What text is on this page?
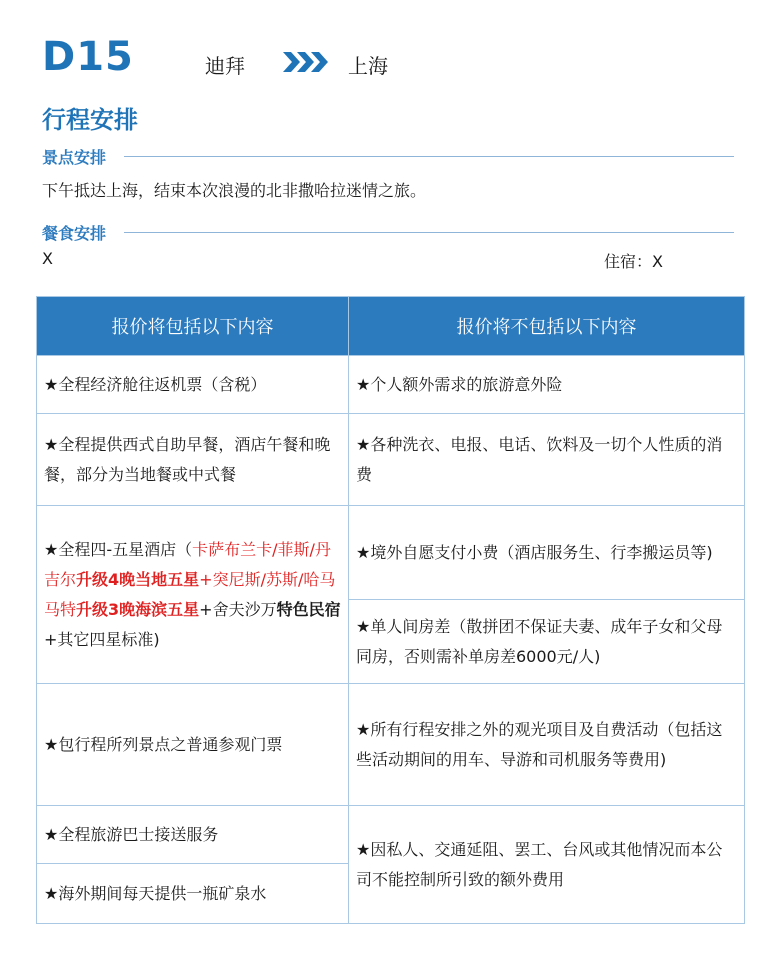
D15	迪拜	上海
行程安排
景点安排
下午抵达上海，结束本次浪漫的北非撒哈拉迷情之旅。
餐食安排
X	住宿：X
报价将包括以下内容	报价将不包括以下内容
★全程经济舱往返机票（含税）	★个人额外需求的旅游意外险
★全程提供西式自助早餐，酒店午餐和晚餐，部分为当地餐或中式餐	★各种洗衣、电报、电话、饮料及一切个人性质的消费
★全程四-五星酒店（卡萨布兰卡/菲斯/丹吉尔升级4晚当地五星+突尼斯/苏斯/哈马马特升级3晚海滨五星+舍夫沙万特色民宿+其它四星标准)	★境外自愿支付小费（酒店服务生、行李搬运员等)
	★单人间房差（散拼团不保证夫妻、成年子女和父母同房，否则需补单房差6000元/人)
★包行程所列景点之普通参观门票	★所有行程安排之外的观光项目及自费活动（包括这些活动期间的用车、导游和司机服务等费用)
★全程旅游巴士接送服务	★因私人、交通延阻、罢工、台风或其他情况而本公司不能控制所引致的额外费用
★海外期间每天提供一瓶矿泉水	
